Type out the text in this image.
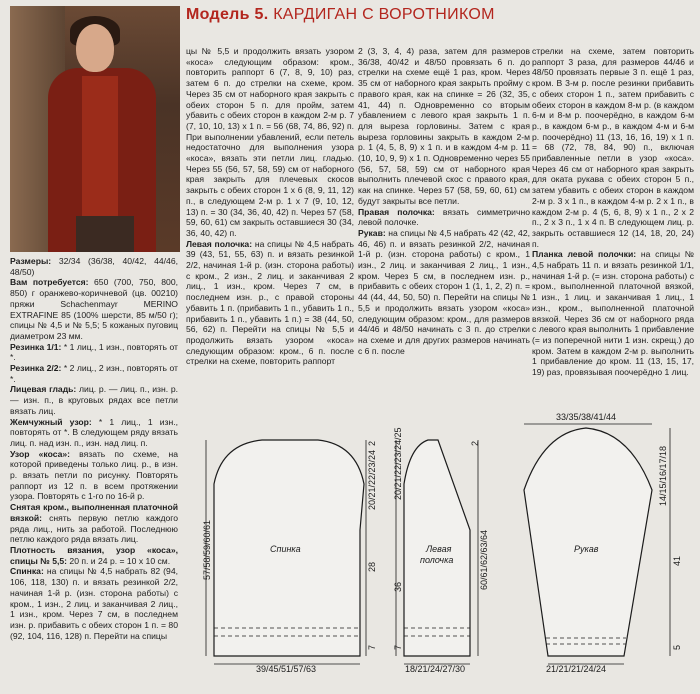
Модель 5. КАРДИГАН С ВОРОТНИКОМ

Размеры: 32/34 (36/38, 40/42, 44/46, 48/50)

Вам потребуется: 650 (700, 750, 800, 850) г оранжево-коричневой (цв. 00210) пряжи Schachenmayr MERINO EXTRAFINE 85 (100% шерсти, 85 м/50 г); спицы № 4,5 и № 5,5; 5 кожаных пуговиц диаметром 23 мм.

Резинка 1/1: * 1 лиц., 1 изн., повторять от *.

Резинка 2/2: * 2 лиц., 2 изн., повторять от *.

Лицевая гладь: лиц. р. — лиц. п., изн. р. — изн. п., в круговых рядах все петли вязать лиц.

Жемчужный узор: * 1 лиц., 1 изн., повторять от *. В следующем ряду вязать лиц. п. над изн. п., изн. над лиц. п.

Узор «коса»: вязать по схеме, на которой приведены только лиц. р., в изн. р. вязать петли по рисунку. Повторять раппорт из 12 п. в всем протяжении узора. Повторять с 1-го по 16-й р.

Снятая кром., выполненная платочной вязкой: снять первую петлю каждого ряда лиц., нить за работой. Последнюю петлю каждого ряда вязать лиц.

Плотность вязания, узор «коса», спицы № 5,5: 20 п. и 24 р. = 10 х 10 см.

Спинка: на спицы № 4,5 набрать 82 (94, 106, 118, 130) п. и вязать резинкой 2/2, начиная 1-й р. (изн. сторона работы) с кром., 1 изн., 2 лиц. и заканчивая 2 лиц., 1 изн., кром. Через 7 см, в последнем изн. р. прибавить с обеих сторон 1 п. = 80 (92, 104, 116, 128) п. Перейти на спицы

цы № 5,5 и продолжить вязать узором «коса» следующим образом: кром., повторить раппорт 6 (7, 8, 9, 10) раз, затем 6 п. до стрелки на схеме, кром. Через 35 см от наборного края закрыть с обеих сторон 5 п. для пройм, затем убавить с обеих сторон в каждом 2-м р. 7 (7, 10, 10, 13) х 1 п. = 56 (68, 74, 86, 92) п. При выполнении убавлений, если петель недостаточно для выполнения узора «коса», вязать эти петли лиц. гладью. Через 55 (56, 57, 58, 59) см от наборного края закрыть для плечевых скосов закрыть с обеих сторон 1 х 6 (8, 9, 11, 12) п., в следующем 2-м р. 1 х 7 (9, 10, 12, 13) п. = 30 (34, 36, 40, 42) п. Через 57 (58, 59, 60, 61) см закрыть оставшиеся 30 (34, 36, 40, 42) п.

Левая полочка: на спицы № 4,5 набрать 39 (43, 51, 55, 63) п. и вязать резинкой 2/2, начиная 1-й р. (изн. сторона работы) с кром., 2 изн., 2 лиц. и заканчивая 2 лиц., 1 изн., кром. Через 7 см, в последнем изн. р., с правой стороны убавить 1 п. (прибавить 1 п., убавить 1 п., прибавить 1 п., убавить 1 п.) = 38 (44, 50, 56, 62) п. Перейти на спицы № 5,5 и продолжить вязать узором «коса» следующим образом: кром., 6 п. после стрелки на схеме, повторить раппорт

2 (3, 3, 4, 4) раза, затем для размеров 36/38, 40/42 и 48/50 провязать 6 п. до стрелки на схеме ещё 1 раз, кром. Через 35 см от наборного края закрыть пройму с правого края, как на спинке = 26 (32, 35, 41, 44) п. Одновременно со вторым убавлением с левого края закрыть 1 п. для выреза горловины. Затем с края выреза горловины закрыть в каждом 2-м р. 1 (4, 5, 8, 9) х 1 п. и в каждом 4-м р. 11 (10, 10, 9, 9) х 1 п. Одновременно через 55 (56, 57, 58, 59) см от наборного края выполнить плечевой скос с правого края, как на спинке. Через 57 (58, 59, 60, 61) см будут закрыты все петли.

Правая полочка: вязать симметрично левой полочке.

Рукав: на спицы № 4,5 набрать 42 (42, 42, 46, 46) п. и вязать резинкой 2/2, начиная 1-й р. (изн. сторона работы) с кром., 1 изн., 2 лиц. и заканчивая 2 лиц., 1 изн., кром. Через 5 см, в последнем изн. р., прибавить с обеих сторон 1 (1, 1, 2, 2) п. = 44 (44, 44, 50, 50) п. Перейти на спицы № 5,5 и продолжить вязать узором «коса» следующим образом: кром., для размеров 44/46 и 48/50 начинать с 3 п. до стрелки на схеме и для других размеров начинать с 6 п. после

стрелки на схеме, затем повторить раппорт 3 раза, для размеров 44/46 и 48/50 провязать первые 3 п. ещё 1 раз, кром. В 3-м р. после резинки прибавить с обеих сторон 1 п., затем прибавить с обеих сторон в каждом 8-м р. (в каждом 6-м и 8-м р. поочерёдно, в каждом 6-м р., в каждом 6-м р., в каждом 4-м и 6-м р. поочерёдно) 11 (13, 16, 16, 19) х 1 п. = 68 (72, 78, 84, 90) п., включая прибавленные петли в узор «коса». Через 46 см от наборного края закрыть для оката рукава с обеих сторон 5 п., затем убавить с обеих сторон в каждом 2-м р. 3 х 1 п., в каждом 4-м р. 2 х 1 п., в каждом 2-м р. 4 (5, 6, 8, 9) х 1 п., 2 х 2 п., 2 х 3 п., 1 х 4 п. В следующем лиц. р. закрыть оставшиеся 12 (14, 18, 20, 24) п.

Планка левой полочки: на спицы № 4,5 набрать 11 п. и вязать резинкой 1/1, начиная 1-й р. (= изн. сторона работы) с кром., выполненной платочной вязкой, 1 изн., 1 лиц. и заканчивая 1 лиц., 1 изн., кром., выполненной платочной вязкой. Через 36 см от наборного ряда с левого края выполнить 1 прибавление (= из поперечной нити 1 изн. скрещ.) до кром. Затем в каждом 2-м р. выполнить 1 прибавление до кром. 11 (13, 15, 17, 19) раз, провязывая поочерёдно 1 лиц.

39/45/51/57/63
Спинка
57/58/59/60/61
20/21/22/23/24
28
7
2
18/21/24/27/30
Левая
полочка
20/21/22/23/24/25
36
7
60/61/62/63/64
2
33/35/38/41/44
21/21/21/24/24
Рукав
14/15/16/17/18
41
5
